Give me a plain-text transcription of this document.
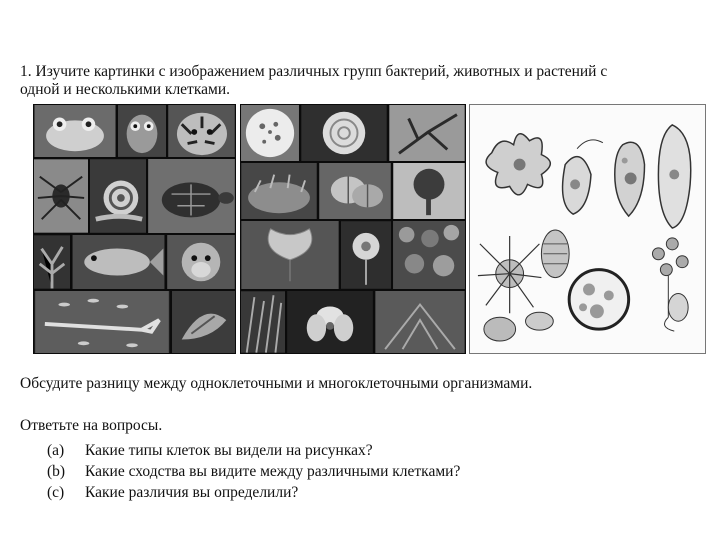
1. Изучите картинки с изображением различных групп бактерий, животных и растений с
одной и несколькими клетками.
Обсудите разницу между одноклеточными и многоклеточными организмами.
Ответьте на вопросы.
(a) Какие типы клеток вы видели на рисунках?
(b) Какие сходства вы видите между различными клетками?
(c) Какие различия вы определили?
